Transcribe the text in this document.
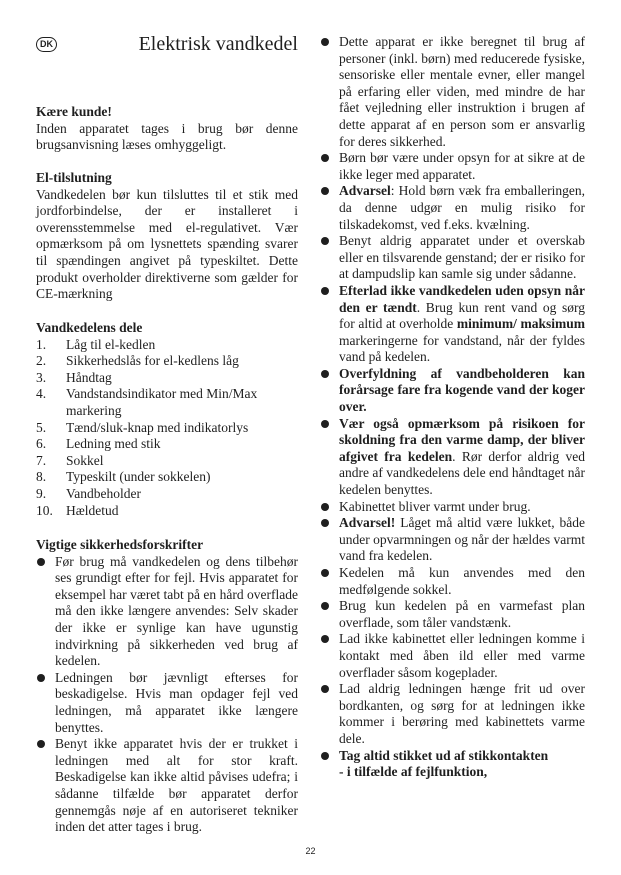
DK	Elektrisk vandkedel

Kære kunde!

Inden apparatet tages i brug bør denne brugsanvisning læses omhyggeligt.

El-tilslutning

Vandkedelen bør kun tilsluttes til et stik med jordforbindelse, der er installeret i overensstemmelse med el-regulativet. Vær opmærksom på om lysnettets spænding svarer til spændingen angivet på typeskiltet. Dette produkt overholder direktiverne som gælder for CE-mærkning

Vandkedelens dele

1. Låg til el-kedlen
2. Sikkerhedslås for el-kedlens låg
3. Håndtag
4. Vandstandsindikator med Min/Max markering
5. Tænd/sluk-knap med indikatorlys
6. Ledning med stik
7. Sokkel
8. Typeskilt (under sokkelen)
9. Vandbeholder
10. Hældetud

Vigtige sikkerhedsforskrifter

Før brug må vandkedelen og dens tilbehør ses grundigt efter for fejl. Hvis apparatet for eksempel har været tabt på en hård overflade må den ikke længere anvendes: Selv skader der ikke er synlige kan have ugunstig indvirkning på sikkerheden ved brug af kedelen.
Ledningen bør jævnligt efterses for beskadigelse. Hvis man opdager fejl ved ledningen, må apparatet ikke længere benyttes.
Benyt ikke apparatet hvis der er trukket i ledningen med alt for stor kraft. Beskadigelse kan ikke altid påvises udefra; i sådanne tilfælde bør apparatet derfor gennemgås nøje af en autoriseret tekniker inden det atter tages i brug.
Dette apparat er ikke beregnet til brug af personer (inkl. børn) med reducerede fysiske, sensoriske eller mentale evner, eller mangel på erfaring eller viden, med mindre de har fået vejledning eller instruktion i brugen af dette apparat af en person som er ansvarlig for deres sikkerhed.
Børn bør være under opsyn for at sikre at de ikke leger med apparatet.
Advarsel: Hold børn væk fra emballeringen, da denne udgør en mulig risiko for tilskadekomst, ved f.eks. kvælning.
Benyt aldrig apparatet under et overskab eller en tilsvarende genstand; der er risiko for at dampudslip kan samle sig under sådanne.
Efterlad ikke vandkedelen uden opsyn når den er tændt. Brug kun rent vand og sørg for altid at overholde minimum/ maksimum markeringerne for vandstand, når der fyldes vand på kedelen.
Overfyldning af vandbeholderen kan forårsage fare fra kogende vand der koger over.
Vær også opmærksom på risikoen for skoldning fra den varme damp, der bliver afgivet fra kedelen. Rør derfor aldrig ved andre af vandkedelens dele end håndtaget når kedelen benyttes.
Kabinettet bliver varmt under brug.
Advarsel! Låget må altid være lukket, både under opvarmningen og når der hældes varmt vand fra kedelen.
Kedelen må kun anvendes med den medfølgende sokkel.
Brug kun kedelen på en varmefast plan overflade, som tåler vandstænk.
Lad ikke kabinettet eller ledningen komme i kontakt med åben ild eller med varme overflader såsom kogeplader.
Lad aldrig ledningen hænge frit ud over bordkanten, og sørg for at ledningen ikke kommer i berøring med kabinettets varme dele.
Tag altid stikket ud af stikkontakten
- i tilfælde af fejlfunktion,
22
